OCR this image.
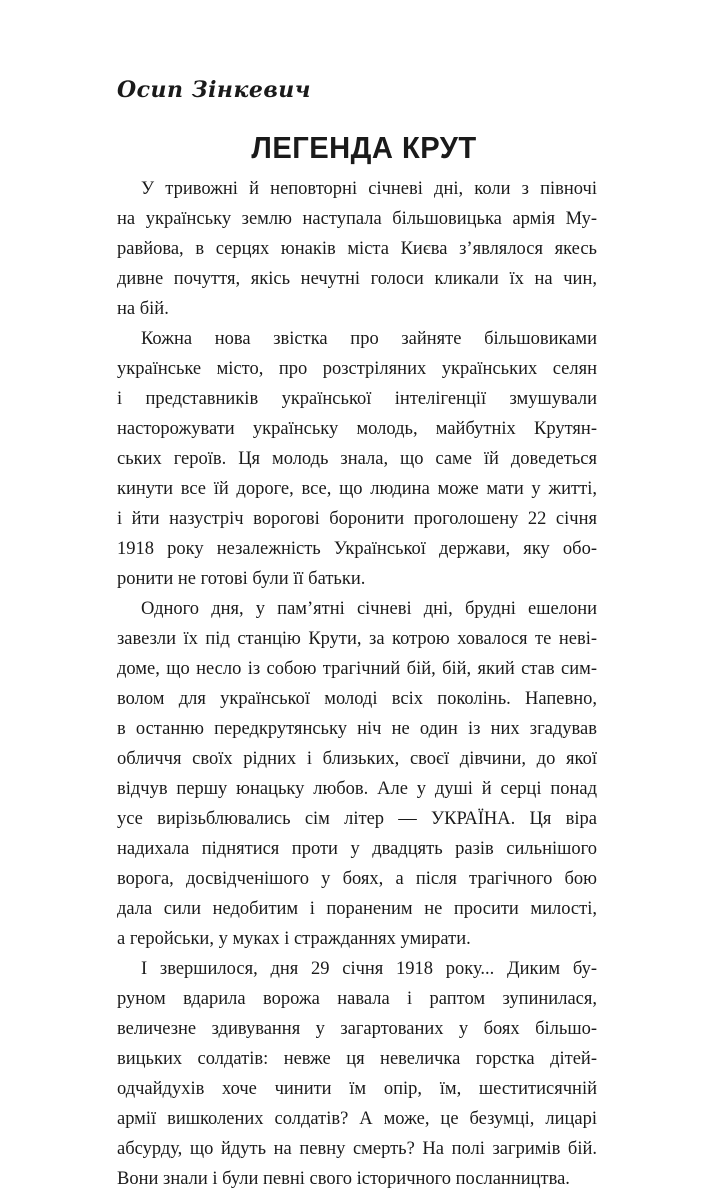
Осип Зінкевич
ЛЕГЕНДА КРУТ
У тривожні й неповторні січневі дні, коли з півночі
на українську землю наступала більшовицька армія Му-
равйова, в серцях юнаків міста Києва з’являлося якесь
дивне почуття, якісь нечутні голоси кликали їх на чин,
на бій.
Кожна нова звістка про зайняте більшовиками
українське місто, про розстріляних українських селян
і представників української інтелігенції змушували
насторожувати українську молодь, майбутніх Крутян-
ських героїв. Ця молодь знала, що саме їй доведеться
кинути все їй дороге, все, що людина може мати у житті,
і йти назустріч ворогові боронити проголошену 22 січня
1918 року незалежність Української держави, яку обо-
ронити не готові були її батьки.
Одного дня, у пам’ятні січневі дні, брудні ешелони
завезли їх під станцію Крути, за котрою ховалося те неві-
доме, що несло із собою трагічний бій, бій, який став сим-
волом для української молоді всіх поколінь. Напевно,
в останню передкрутянську ніч не один із них згадував
обличчя своїх рідних і близьких, своєї дівчини, до якої
відчув першу юнацьку любов. Але у душі й серці понад
усе вирізьблювались сім літер — УКРАЇНА. Ця віра
надихала піднятися проти у двадцять разів сильнішого
ворога, досвідченішого у боях, а після трагічного бою
дала сили недобитим і пораненим не просити милості,
а геройськи, у муках і стражданнях умирати.
І звершилося, дня 29 січня 1918 року... Диким бу-
руном вдарила ворожа навала і раптом зупинилася,
величезне здивування у загартованих у боях більшо-
вицьких солдатів: невже ця невеличка горстка дітей-
одчайдухів хоче чинити їм опір, їм, шеститисячній
армії вишколених солдатів? А може, це безумці, лицарі
абсурду, що йдуть на певну смерть? На полі загримів бій.
Вони знали і були певні свого історичного посланництва.
